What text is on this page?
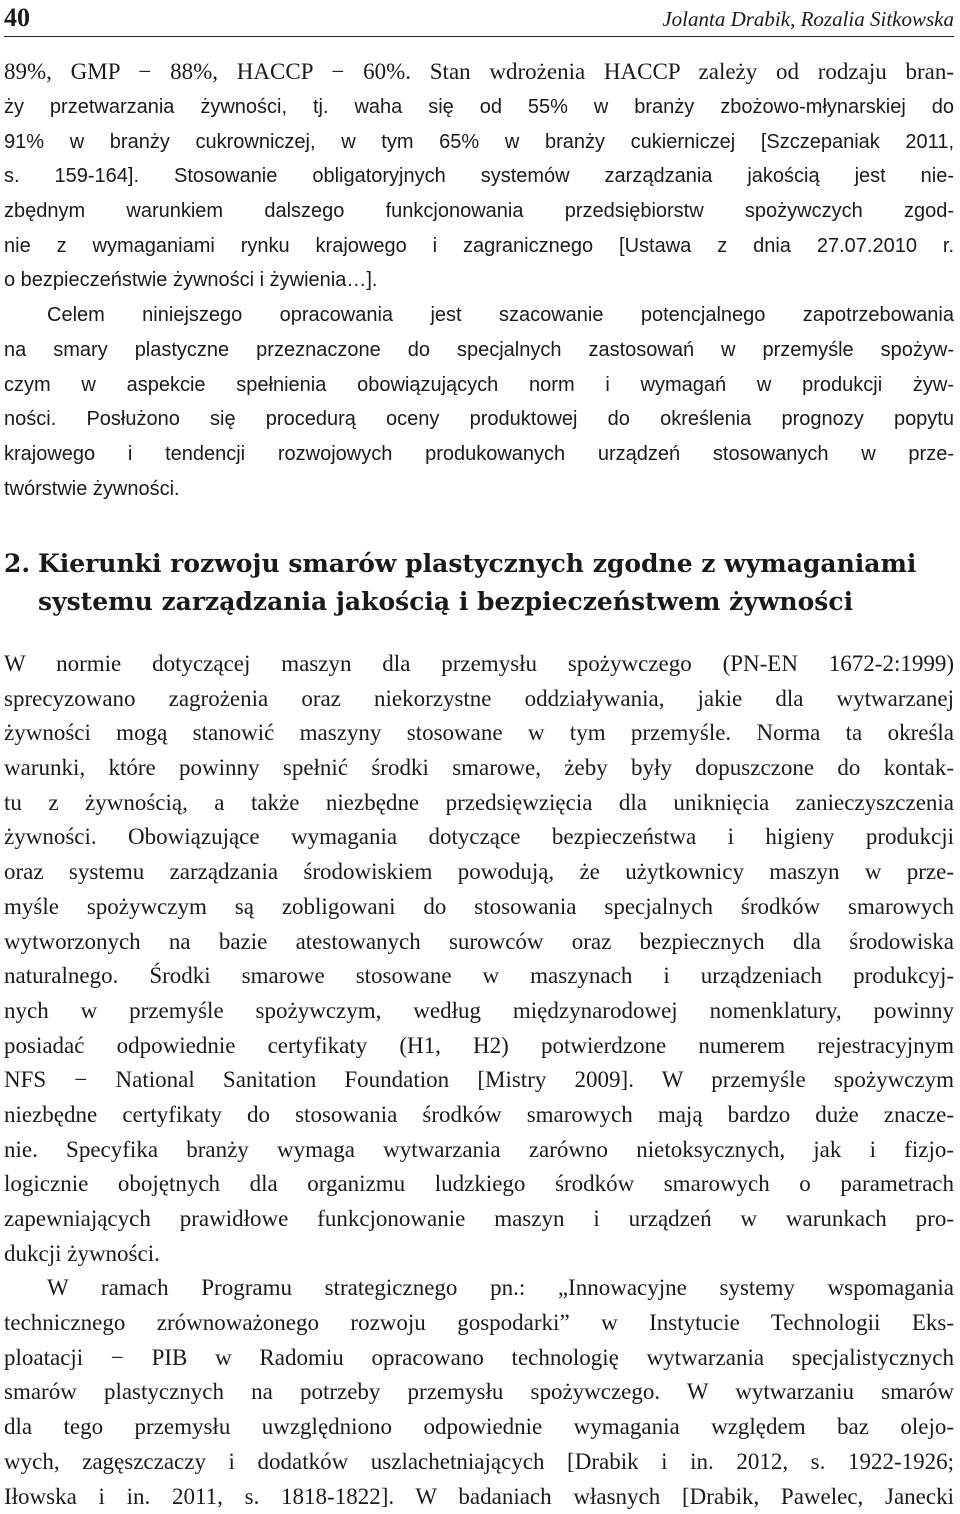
40	Jolanta Drabik, Rozalia Sitkowska
89%, GMP − 88%, HACCP − 60%. Stan wdrożenia HACCP zależy od rodzaju bran-
ży przetwarzania żywności, tj. waha się od 55% w branży zbożowo-młynarskiej do
91% w branży cukrowniczej, w tym 65% w branży cukierniczej [Szczepaniak 2011,
s. 159-164]. Stosowanie obligatoryjnych systemów zarządzania jakością jest nie-
zbędnym warunkiem dalszego funkcjonowania przedsiębiorstw spożywczych zgod-
nie z wymaganiami rynku krajowego i zagranicznego [Ustawa z dnia 27.07.2010 r.
o bezpieczeństwie żywności i żywienia…].
Celem niniejszego opracowania jest szacowanie potencjalnego zapotrzebowania
na smary plastyczne przeznaczone do specjalnych zastosowań w przemyśle spożyw-
czym w aspekcie spełnienia obowiązujących norm i wymagań w produkcji żyw-
ności. Posłużono się procedurą oceny produktowej do określenia prognozy popytu
krajowego i tendencji rozwojowych produkowanych urządzeń stosowanych w prze-
twórstwie żywności.
2. Kierunki rozwoju smarów plastycznych zgodne z wymaganiami
systemu zarządzania jakością i bezpieczeństwem żywności
W normie dotyczącej maszyn dla przemysłu spożywczego (PN-EN 1672-2:1999)
sprecyzowano zagrożenia oraz niekorzystne oddziaływania, jakie dla wytwarzanej
żywności mogą stanowić maszyny stosowane w tym przemyśle. Norma ta określa
warunki, które powinny spełnić środki smarowe, żeby były dopuszczone do kontak-
tu z żywnością, a także niezbędne przedsięwzięcia dla uniknięcia zanieczyszczenia
żywności. Obowiązujące wymagania dotyczące bezpieczeństwa i higieny produkcji
oraz systemu zarządzania środowiskiem powodują, że użytkownicy maszyn w prze-
myśle spożywczym są zobligowani do stosowania specjalnych środków smarowych
wytworzonych na bazie atestowanych surowców oraz bezpiecznych dla środowiska
naturalnego. Środki smarowe stosowane w maszynach i urządzeniach produkcyj-
nych w przemyśle spożywczym, według międzynarodowej nomenklatury, powinny
posiadać odpowiednie certyfikaty (H1, H2) potwierdzone numerem rejestracyjnym
NFS − National Sanitation Foundation [Mistry 2009]. W przemyśle spożywczym
niezbędne certyfikaty do stosowania środków smarowych mają bardzo duże znacze-
nie. Specyfika branży wymaga wytwarzania zarówno nietoksycznych, jak i fizjo-
logicznie obojętnych dla organizmu ludzkiego środków smarowych o parametrach
zapewniających prawidłowe funkcjonowanie maszyn i urządzeń w warunkach pro-
dukcji żywności.
W ramach Programu strategicznego pn.: „Innowacyjne systemy wspomagania
technicznego zrównoważonego rozwoju gospodarki” w Instytucie Technologii Eks-
ploatacji − PIB w Radomiu opracowano technologię wytwarzania specjalistycznych
smarów plastycznych na potrzeby przemysłu spożywczego. W wytwarzaniu smarów
dla tego przemysłu uwzględniono odpowiednie wymagania względem baz olejo-
wych, zagęszczaczy i dodatków uszlachetniających [Drabik i in. 2012, s. 1922-1926;
Iłowska i in. 2011, s. 1818-1822]. W badaniach własnych [Drabik, Pawelec, Janecki
